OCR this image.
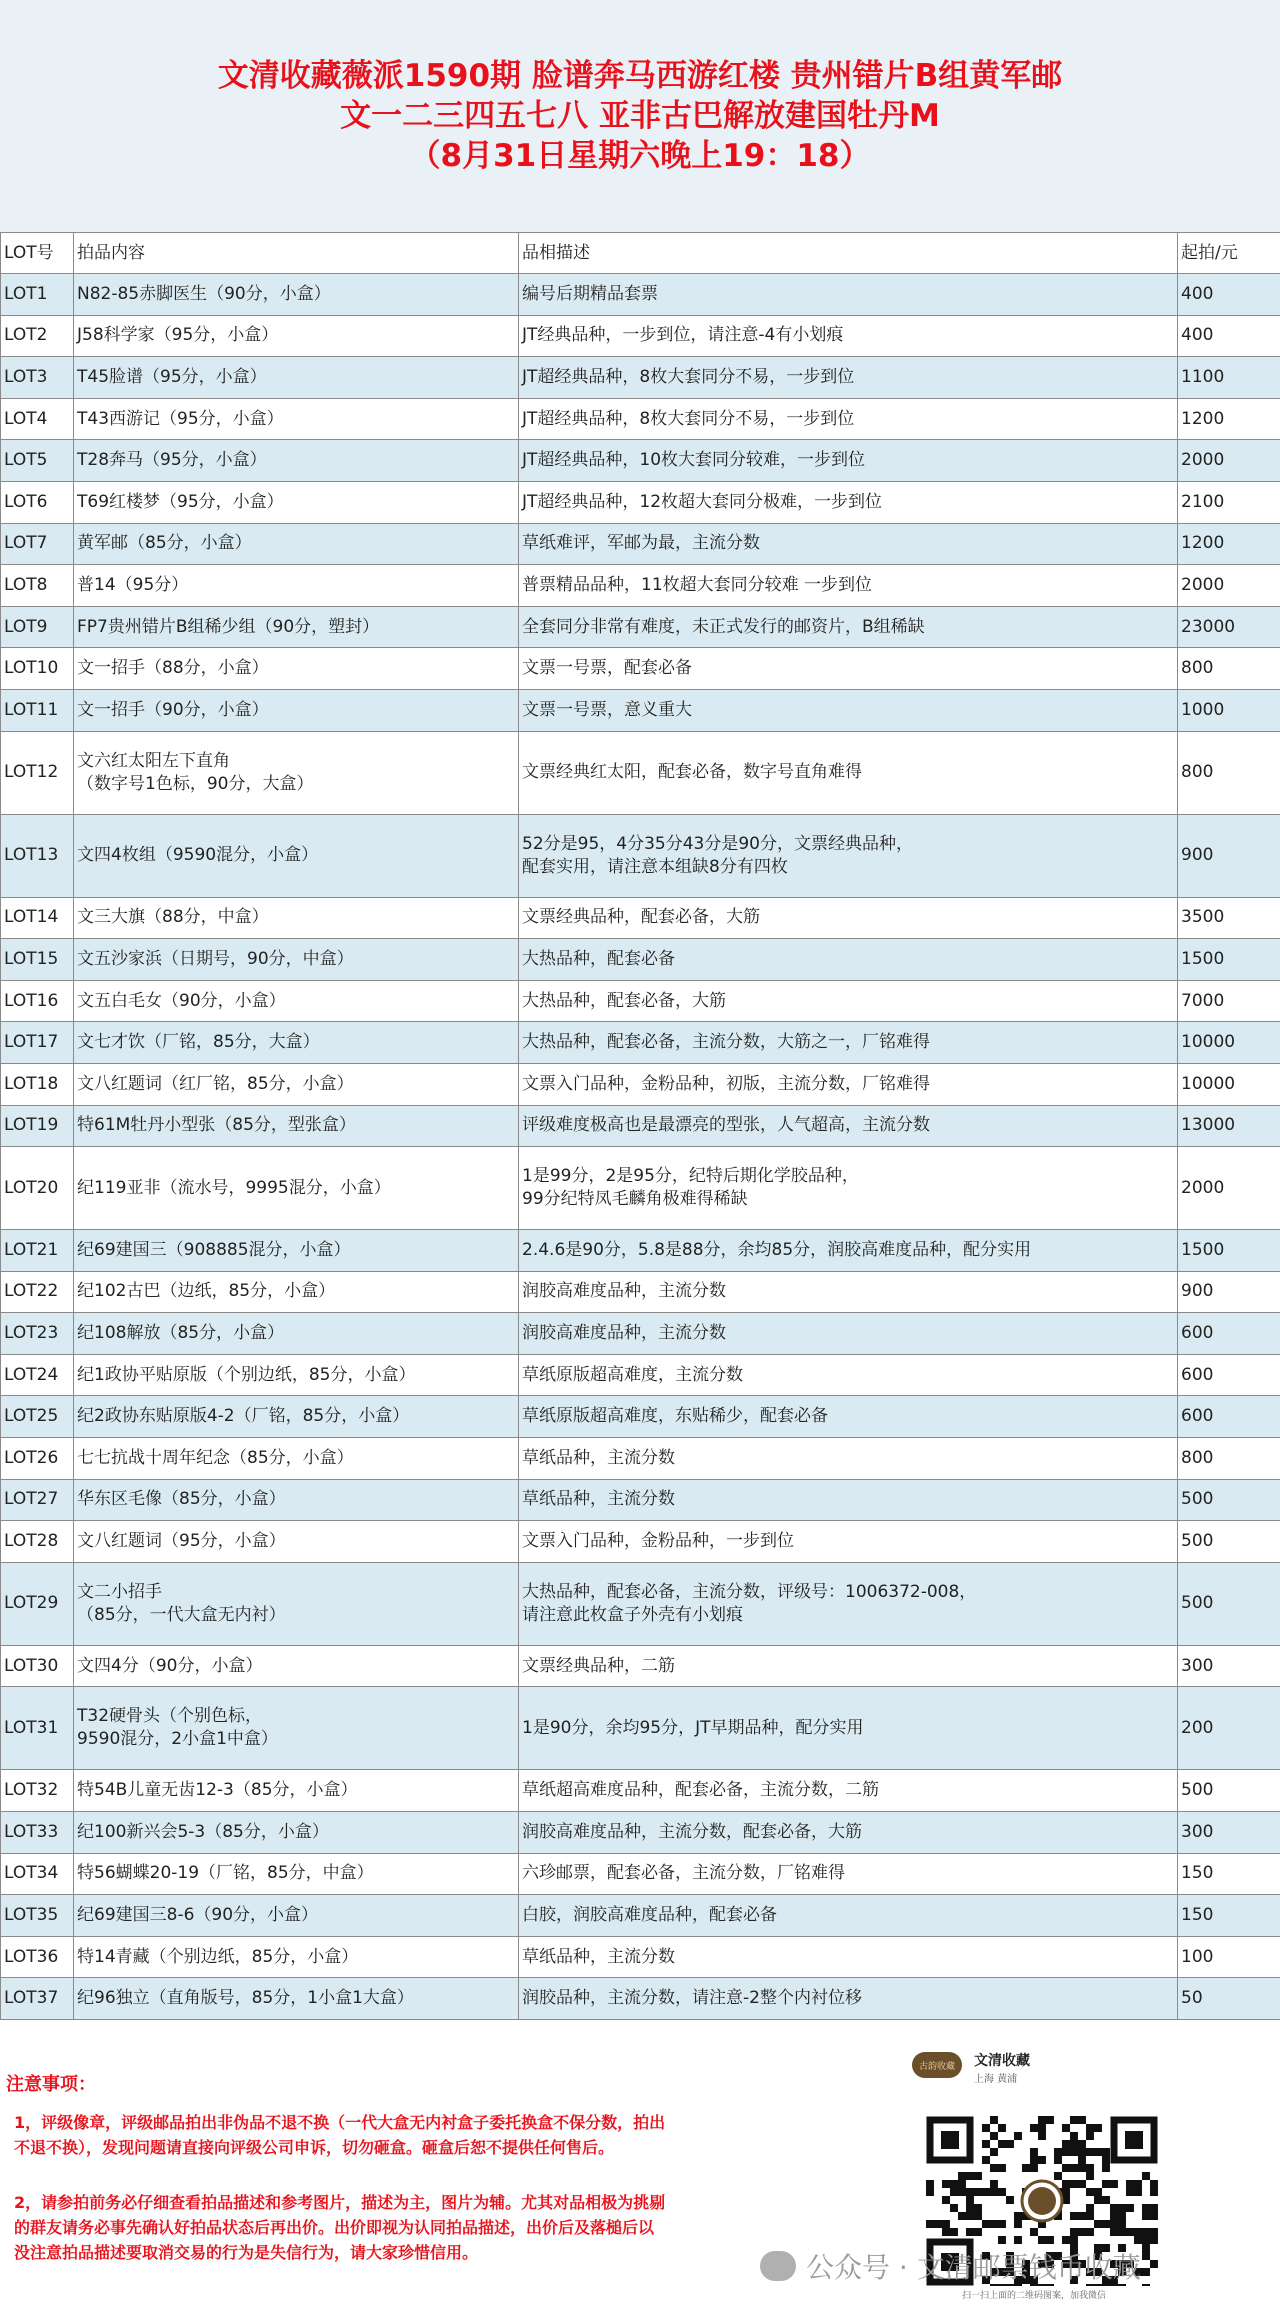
文清收藏薇派1590期 脸谱奔马西游红楼 贵州错片B组黄军邮
文一二三四五七八 亚非古巴解放建国牡丹M
（8月31日星期六晚上19：18）
LOT号	拍品内容	品相描述	起拍/元
LOT1	N82-85赤脚医生（90分，小盒）	编号后期精品套票	400
LOT2	J58科学家（95分，小盒）	JT经典品种，一步到位，请注意-4有小划痕	400
LOT3	T45脸谱（95分，小盒）	JT超经典品种，8枚大套同分不易，一步到位	1100
LOT4	T43西游记（95分，小盒）	JT超经典品种，8枚大套同分不易，一步到位	1200
LOT5	T28奔马（95分，小盒）	JT超经典品种，10枚大套同分较难，一步到位	2000
LOT6	T69红楼梦（95分，小盒）	JT超经典品种，12枚超大套同分极难，一步到位	2100
LOT7	黄军邮（85分，小盒）	草纸难评，军邮为最，主流分数	1200
LOT8	普14（95分）	普票精品品种，11枚超大套同分较难 一步到位	2000
LOT9	FP7贵州错片B组稀少组（90分，塑封）	全套同分非常有难度，未正式发行的邮资片，B组稀缺	23000
LOT10	文一招手（88分，小盒）	文票一号票，配套必备	800
LOT11	文一招手（90分，小盒）	文票一号票，意义重大	1000
LOT12	文六红太阳左下直角
（数字号1色标，90分，大盒）	文票经典红太阳，配套必备，数字号直角难得	800
LOT13	文四4枚组（9590混分，小盒）	52分是95，4分35分43分是90分，文票经典品种，
配套实用，请注意本组缺8分有四枚	900
LOT14	文三大旗（88分，中盒）	文票经典品种，配套必备，大筋	3500
LOT15	文五沙家浜（日期号，90分，中盒）	大热品种，配套必备	1500
LOT16	文五白毛女（90分，小盒）	大热品种，配套必备，大筋	7000
LOT17	文七才饮（厂铭，85分，大盒）	大热品种，配套必备，主流分数，大筋之一，厂铭难得	10000
LOT18	文八红题词（红厂铭，85分，小盒）	文票入门品种，金粉品种，初版，主流分数，厂铭难得	10000
LOT19	特61M牡丹小型张（85分，型张盒）	评级难度极高也是最漂亮的型张，人气超高，主流分数	13000
LOT20	纪119亚非（流水号，9995混分，小盒）	1是99分，2是95分，纪特后期化学胶品种，
99分纪特凤毛麟角极难得稀缺	2000
LOT21	纪69建国三（908885混分，小盒）	2.4.6是90分，5.8是88分，余均85分，润胶高难度品种，配分实用	1500
LOT22	纪102古巴（边纸，85分，小盒）	润胶高难度品种，主流分数	900
LOT23	纪108解放（85分，小盒）	润胶高难度品种，主流分数	600
LOT24	纪1政协平贴原版（个别边纸，85分，小盒）	草纸原版超高难度，主流分数	600
LOT25	纪2政协东贴原版4-2（厂铭，85分，小盒）	草纸原版超高难度，东贴稀少，配套必备	600
LOT26	七七抗战十周年纪念（85分，小盒）	草纸品种，主流分数	800
LOT27	华东区毛像（85分，小盒）	草纸品种，主流分数	500
LOT28	文八红题词（95分，小盒）	文票入门品种，金粉品种，一步到位	500
LOT29	文二小招手
（85分，一代大盒无内衬）	大热品种，配套必备，主流分数，评级号：1006372-008，
请注意此枚盒子外壳有小划痕	500
LOT30	文四4分（90分，小盒）	文票经典品种，二筋	300
LOT31	T32硬骨头（个别色标，
9590混分，2小盒1中盒）	1是90分，余均95分，JT早期品种，配分实用	200
LOT32	特54B儿童无齿12-3（85分，小盒）	草纸超高难度品种，配套必备，主流分数，二筋	500
LOT33	纪100新兴会5-3（85分，小盒）	润胶高难度品种，主流分数，配套必备，大筋	300
LOT34	特56蝴蝶20-19（厂铭，85分，中盒）	六珍邮票，配套必备，主流分数，厂铭难得	150
LOT35	纪69建国三8-6（90分，小盒）	白胶，润胶高难度品种，配套必备	150
LOT36	特14青藏（个别边纸，85分，小盒）	草纸品种，主流分数	100
LOT37	纪96独立（直角版号，85分，1小盒1大盒）	润胶品种，主流分数，请注意-2整个内衬位移	50
注意事项：
1，评级像章，评级邮品拍出非伪品不退不换（一代大盒无内衬盒子委托换盒不保分数，拍出
不退不换），发现问题请直接向评级公司申诉，切勿砸盒。砸盒后恕不提供任何售后。
2，请参拍前务必仔细查看拍品描述和参考图片，描述为主，图片为辅。尤其对品相极为挑剔
的群友请务必事先确认好拍品状态后再出价。出价即视为认同拍品描述，出价后及落槌后以
没注意拍品描述要取消交易的行为是失信行为，请大家珍惜信用。
古韵收藏	文清收藏
上海 黄浦
扫一扫上面的二维码图案，加我微信
公众号 · 文清邮票钱币收藏
